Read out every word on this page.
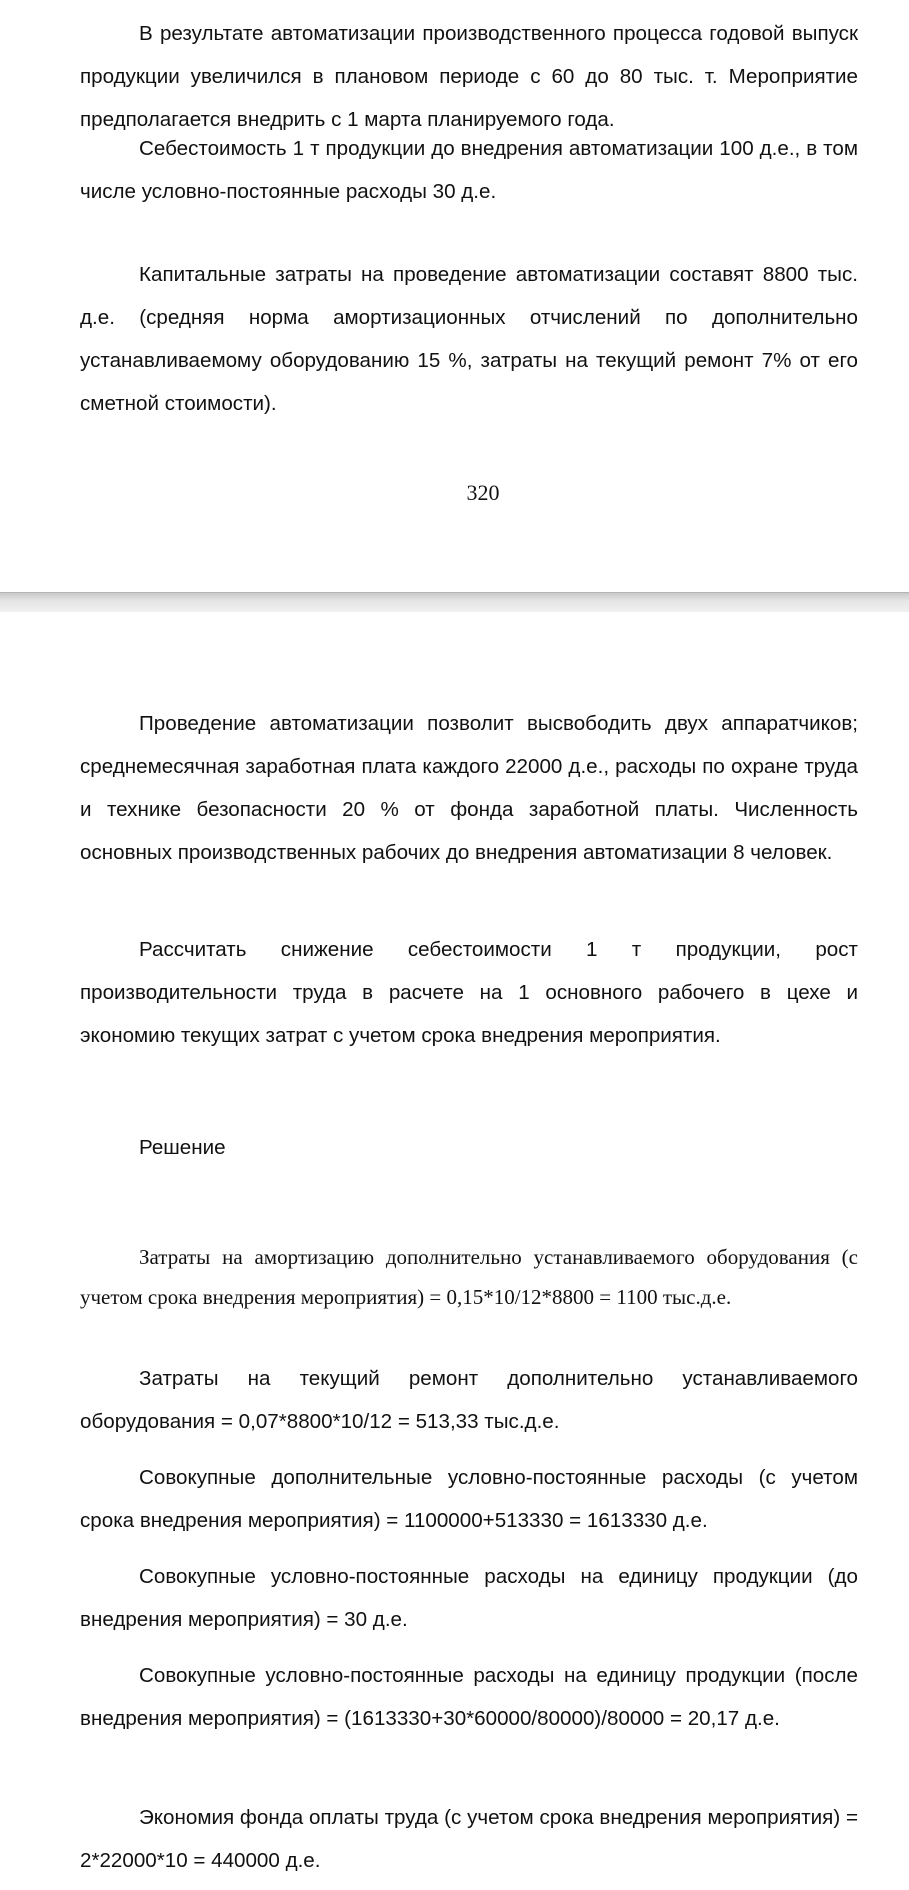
В результате автоматизации производственного процесса годовой выпуск продукции увеличился в плановом периоде с 60 до 80 тыс. т. Мероприятие предполагается внедрить с 1 марта планируемого года.

Себестоимость 1 т продукции до внедрения автоматизации 100 д.е., в том числе условно-постоянные расходы 30 д.е.

Капитальные затраты на проведение автоматизации составят 8800 тыс. д.е. (средняя норма амортизационных отчислений по дополнительно устанавливаемому оборудованию 15 %, затраты на текущий ремонт 7% от его сметной стоимости).

320

Проведение автоматизации позволит высвободить двух аппаратчиков; среднемесячная заработная плата каждого 22000 д.е., расходы по охране труда и технике безопасности 20 % от фонда заработной платы. Численность основных производственных рабочих до внедрения автоматизации 8 человек.

Рассчитать снижение себестоимости 1 т продукции, рост производительности труда в расчете на 1 основного рабочего в цехе и экономию текущих затрат с учетом срока внедрения мероприятия.

Решение

Затраты на амортизацию дополнительно устанавливаемого оборудования (с учетом срока внедрения мероприятия) = 0,15*10/12*8800 = 1100 тыс.д.е.

Затраты на текущий ремонт дополнительно устанавливаемого оборудования = 0,07*8800*10/12 = 513,33 тыс.д.е.

Совокупные дополнительные условно-постоянные расходы (с учетом срока внедрения мероприятия) = 1100000+513330 = 1613330 д.е.

Совокупные условно-постоянные расходы на единицу продукции (до внедрения мероприятия) = 30 д.е.

Совокупные условно-постоянные расходы на единицу продукции (после внедрения мероприятия) = (1613330+30*60000/80000)/80000 = 20,17 д.е.

Экономия фонда оплаты труда (с учетом срока внедрения мероприятия) = 2*22000*10 = 440000 д.е.
